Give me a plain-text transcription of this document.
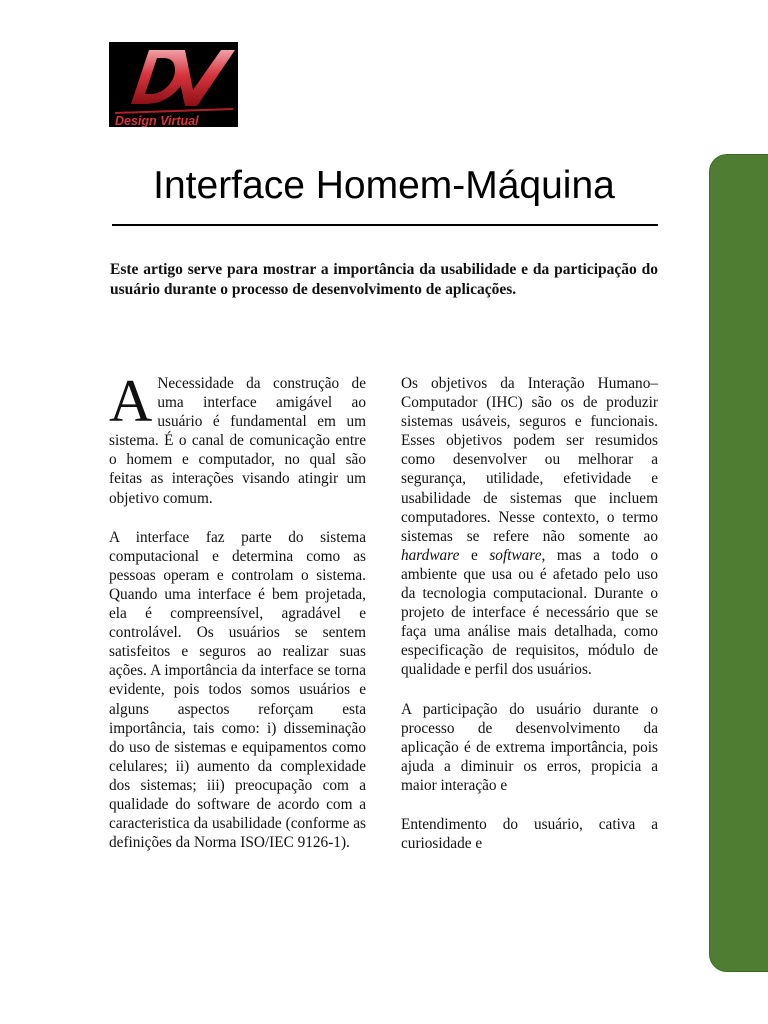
Design Virtual
Interface Homem-Máquina

Este artigo serve para mostrar a importância da usabilidade e da participação do usuário durante o processo de desenvolvimento de aplicações.

A Necessidade da construção de uma interface amigável ao usuário é fundamental em um sistema. É o canal de comunicação entre o homem e computador, no qual são feitas as interações visando atingir um objetivo comum.

A interface faz parte do sistema computacional e determina como as pessoas operam e controlam o sistema. Quando uma interface é bem projetada, ela é compreensível, agradável e controlável. Os usuários se sentem satisfeitos e seguros ao realizar suas ações. A importância da interface se torna evidente, pois todos somos usuários e alguns aspectos reforçam esta importância, tais como: i) disseminação do uso de sistemas e equipamentos como celulares; ii) aumento da complexidade dos sistemas; iii) preocupação com a qualidade do software de acordo com a caracteristica da usabilidade (conforme as definições da Norma ISO/IEC 9126-1).

Os objetivos da Interação Humano–Computador (IHC) são os de produzir sistemas usáveis, seguros e funcionais. Esses objetivos podem ser resumidos como desenvolver ou melhorar a segurança, utilidade, efetividade e usabilidade de sistemas que incluem computadores. Nesse contexto, o termo sistemas se refere não somente ao hardware e software, mas a todo o ambiente que usa ou é afetado pelo uso da tecnologia computacional. Durante o projeto de interface é necessário que se faça uma análise mais detalhada, como especificação de requisitos, módulo de qualidade e perfil dos usuários.

A participação do usuário durante o processo de desenvolvimento da aplicação é de extrema importância, pois ajuda a diminuir os erros, propicia a maior interação e

Entendimento do usuário, cativa a curiosidade e
